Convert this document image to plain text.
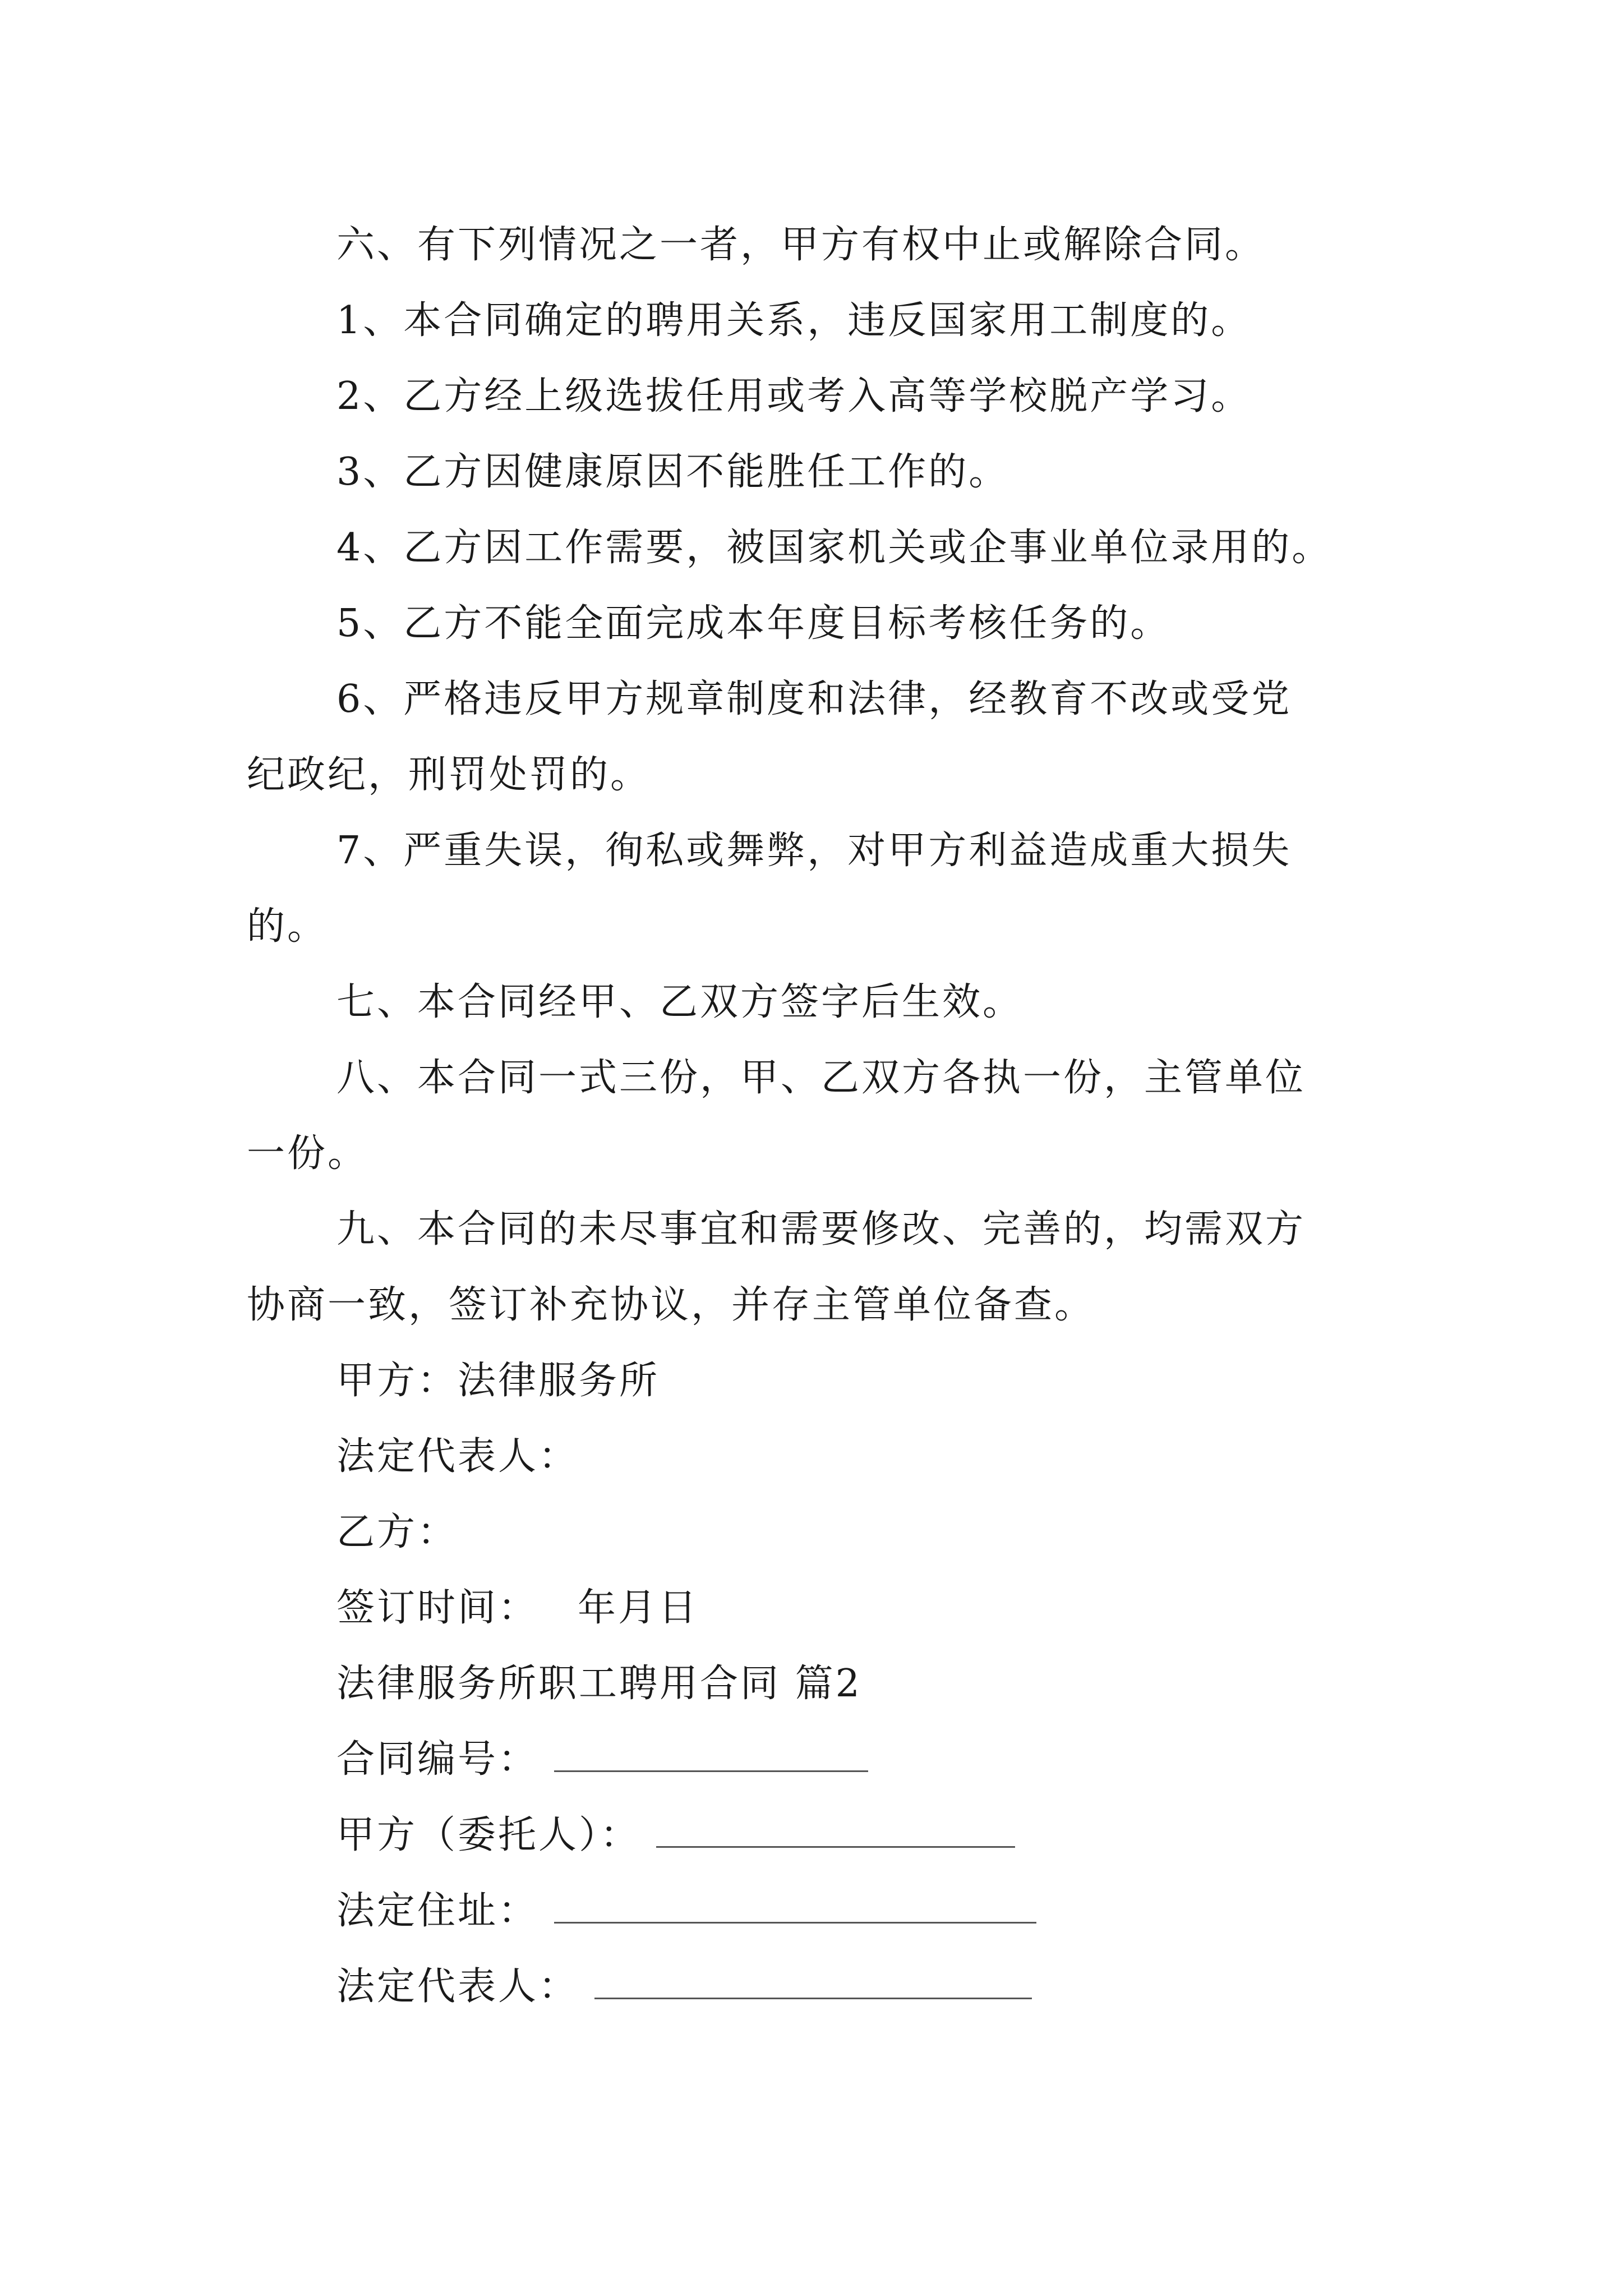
六、有下列情况之一者，甲方有权中止或解除合同。
1、本合同确定的聘用关系，违反国家用工制度的。
2、乙方经上级选拔任用或考入高等学校脱产学习。
3、乙方因健康原因不能胜任工作的。
4、乙方因工作需要，被国家机关或企事业单位录用的。
5、乙方不能全面完成本年度目标考核任务的。
6、严格违反甲方规章制度和法律，经教育不改或受党
纪政纪，刑罚处罚的。
7、严重失误，徇私或舞弊，对甲方利益造成重大损失
的。
七、本合同经甲、乙双方签字后生效。
八、本合同一式三份，甲、乙双方各执一份，主管单位
一份。
九、本合同的未尽事宜和需要修改、完善的，均需双方
协商一致，签订补充协议，并存主管单位备查。
甲方：法律服务所
法定代表人：
乙方：
签订时间： 年月日
法律服务所职工聘用合同 篇2
合同编号：
甲方（委托人）：
法定住址：
法定代表人：
